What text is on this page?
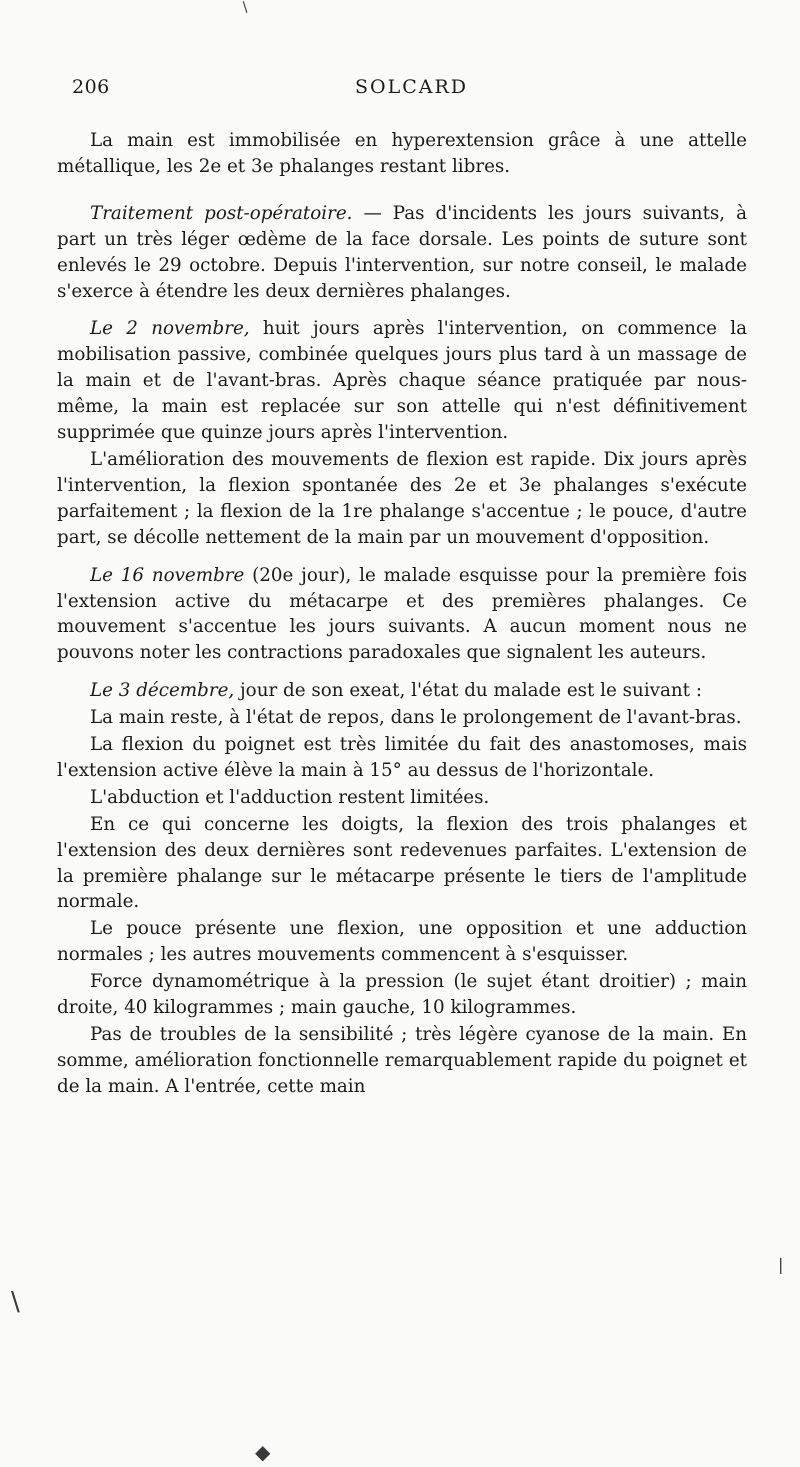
206	SOLCARD

La main est immobilisée en hyperextension grâce à une attelle métallique, les 2e et 3e phalanges restant libres.

Traitement post-opératoire. — Pas d'incidents les jours suivants, à part un très léger œdème de la face dorsale. Les points de suture sont enlevés le 29 octobre. Depuis l'intervention, sur notre conseil, le malade s'exerce à étendre les deux dernières phalanges.

Le 2 novembre, huit jours après l'intervention, on commence la mobilisation passive, combinée quelques jours plus tard à un massage de la main et de l'avant-bras. Après chaque séance pratiquée par nous-même, la main est replacée sur son attelle qui n'est définitivement supprimée que quinze jours après l'intervention.

L'amélioration des mouvements de flexion est rapide. Dix jours après l'intervention, la flexion spontanée des 2e et 3e phalanges s'exécute parfaitement ; la flexion de la 1re phalange s'accentue ; le pouce, d'autre part, se décolle nettement de la main par un mouvement d'opposition.

Le 16 novembre (20e jour), le malade esquisse pour la première fois l'extension active du métacarpe et des premières phalanges. Ce mouvement s'accentue les jours suivants. A aucun moment nous ne pouvons noter les contractions paradoxales que signalent les auteurs.

Le 3 décembre, jour de son exeat, l'état du malade est le suivant :

La main reste, à l'état de repos, dans le prolongement de l'avant-bras.

La flexion du poignet est très limitée du fait des anastomoses, mais l'extension active élève la main à 15° au dessus de l'horizontale.

L'abduction et l'adduction restent limitées.

En ce qui concerne les doigts, la flexion des trois phalanges et l'extension des deux dernières sont redevenues parfaites. L'extension de la première phalange sur le métacarpe présente le tiers de l'amplitude normale.

Le pouce présente une flexion, une opposition et une adduction normales ; les autres mouvements commencent à s'esquisser.

Force dynamométrique à la pression (le sujet étant droitier) ; main droite, 40 kilogrammes ; main gauche, 10 kilogrammes.

Pas de troubles de la sensibilité ; très légère cyanose de la main. En somme, amélioration fonctionnelle remarquablement rapide du poignet et de la main. A l'entrée, cette main

∖
∖
❘
◆
